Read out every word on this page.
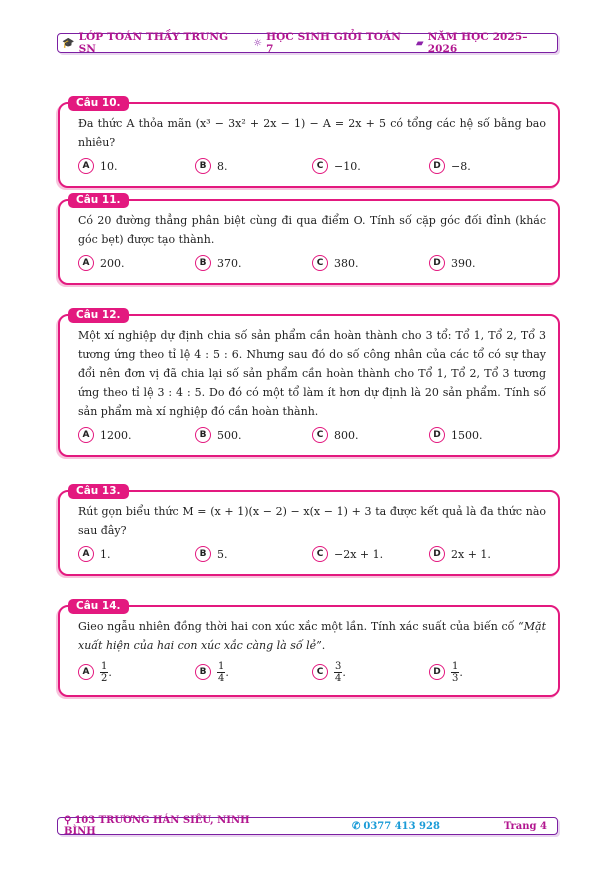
🎓 LỚP TOÁN THẦY TRUNG SN	☼ HỌC SINH GIỎI TOÁN 7	▰ NĂM HỌC 2025–2026
Câu 10.
Đa thức A thỏa mãn (x³ − 3x² + 2x − 1) − A = 2x + 5 có tổng các hệ số bằng bao nhiêu?
A 10.	B 8.	C −10.	D −8.
Câu 11.
Có 20 đường thẳng phân biệt cùng đi qua điểm O. Tính số cặp góc đối đỉnh (khác góc bẹt) được tạo thành.
A 200.	B 370.	C 380.	D 390.
Câu 12.
Một xí nghiệp dự định chia số sản phẩm cần hoàn thành cho 3 tổ: Tổ 1, Tổ 2, Tổ 3 tương ứng theo tỉ lệ 4 : 5 : 6. Nhưng sau đó do số công nhân của các tổ có sự thay đổi nên đơn vị đã chia lại số sản phẩm cần hoàn thành cho Tổ 1, Tổ 2, Tổ 3 tương ứng theo tỉ lệ 3 : 4 : 5. Do đó có một tổ làm ít hơn dự định là 20 sản phẩm. Tính số sản phẩm mà xí nghiệp đó cần hoàn thành.
A 1200.	B 500.	C 800.	D 1500.
Câu 13.
Rút gọn biểu thức M = (x + 1)(x − 2) − x(x − 1) + 3 ta được kết quả là đa thức nào sau đây?
A 1.	B 5.	C −2x + 1.	D 2x + 1.
Câu 14.
Gieo ngẫu nhiên đồng thời hai con xúc xắc một lần. Tính xác suất của biến cố “Mặt xuất hiện của hai con xúc xắc càng là số lẻ”.
A	$\frac{1}{2}$ .	B	$\frac{1}{4}$ .	C	$\frac{3}{4}$ .	D	$\frac{1}{3}$ .
⚲ 103 TRƯƠNG HÁN SIÊU, NINH BÌNH	✆ 0377 413 928	Trang 4
